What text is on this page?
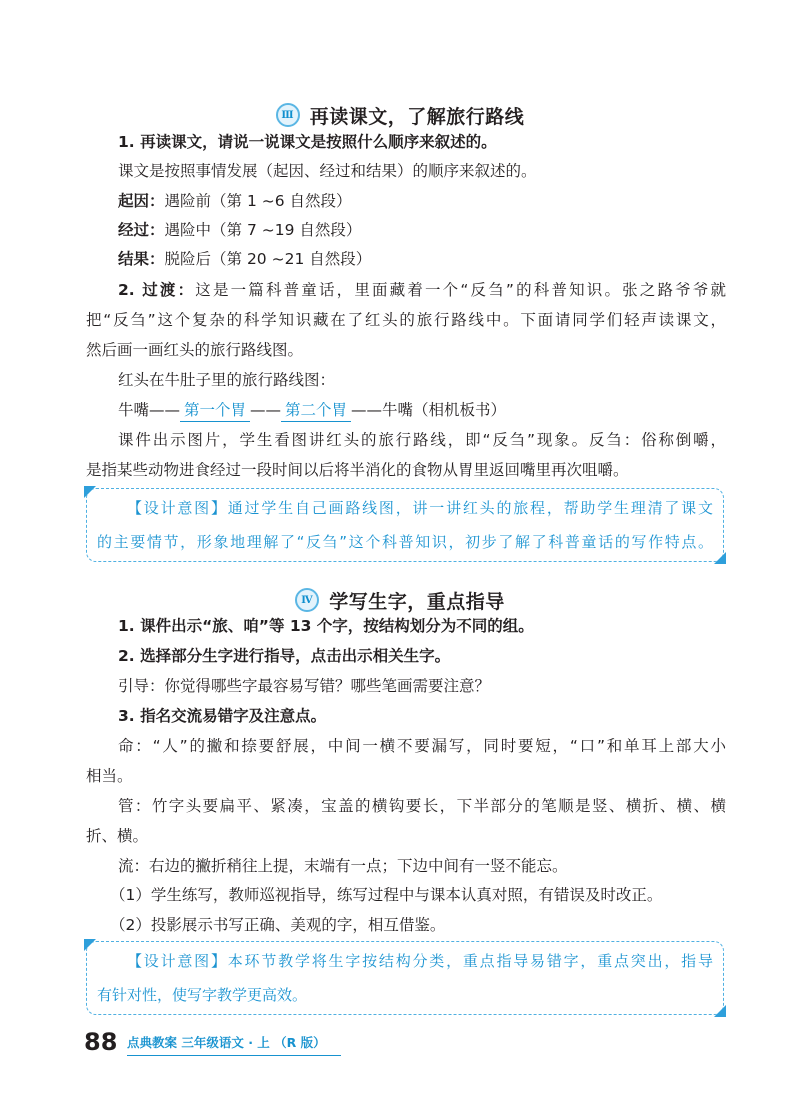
Ⅲ 再读课文，了解旅行路线
1. 再读课文，请说一说课文是按照什么顺序来叙述的。
课文是按照事情发展（起因、经过和结果）的顺序来叙述的。
起因：遇险前（第 1 ~6 自然段）
经过：遇险中（第 7 ~19 自然段）
结果：脱险后（第 20 ~21 自然段）
2. 过渡：这是一篇科普童话，里面藏着一个“反刍”的科普知识。张之路爷爷就
把“反刍”这个复杂的科学知识藏在了红头的旅行路线中。下面请同学们轻声读课文，
然后画一画红头的旅行路线图。
红头在牛肚子里的旅行路线图：
牛嘴—— 第一个胃 —— 第二个胃 ——牛嘴（相机板书）
课件出示图片，学生看图讲红头的旅行路线，即“反刍”现象。反刍：俗称倒嚼，
是指某些动物进食经过一段时间以后将半消化的食物从胃里返回嘴里再次咀嚼。
【设计意图】通过学生自己画路线图，讲一讲红头的旅程，帮助学生理清了课文
的主要情节，形象地理解了“反刍”这个科普知识，初步了解了科普童话的写作特点。
Ⅳ 学写生字，重点指导
1. 课件出示“旅、咱”等 13 个字，按结构划分为不同的组。
2. 选择部分生字进行指导，点击出示相关生字。
引导：你觉得哪些字最容易写错？哪些笔画需要注意？
3. 指名交流易错字及注意点。
命：“人”的撇和捺要舒展，中间一横不要漏写，同时要短，“口”和单耳上部大小
相当。
管：竹字头要扁平、紧凑，宝盖的横钩要长，下半部分的笔顺是竖、横折、横、横
折、横。
流：右边的撇折稍往上提，末端有一点；下边中间有一竖不能忘。
（1）学生练写，教师巡视指导，练写过程中与课本认真对照，有错误及时改正。
（2）投影展示书写正确、美观的字，相互借鉴。
【设计意图】本环节教学将生字按结构分类，重点指导易错字，重点突出，指导
有针对性，使写字教学更高效。
88 点典教案 三年级语文 · 上 （R 版）
